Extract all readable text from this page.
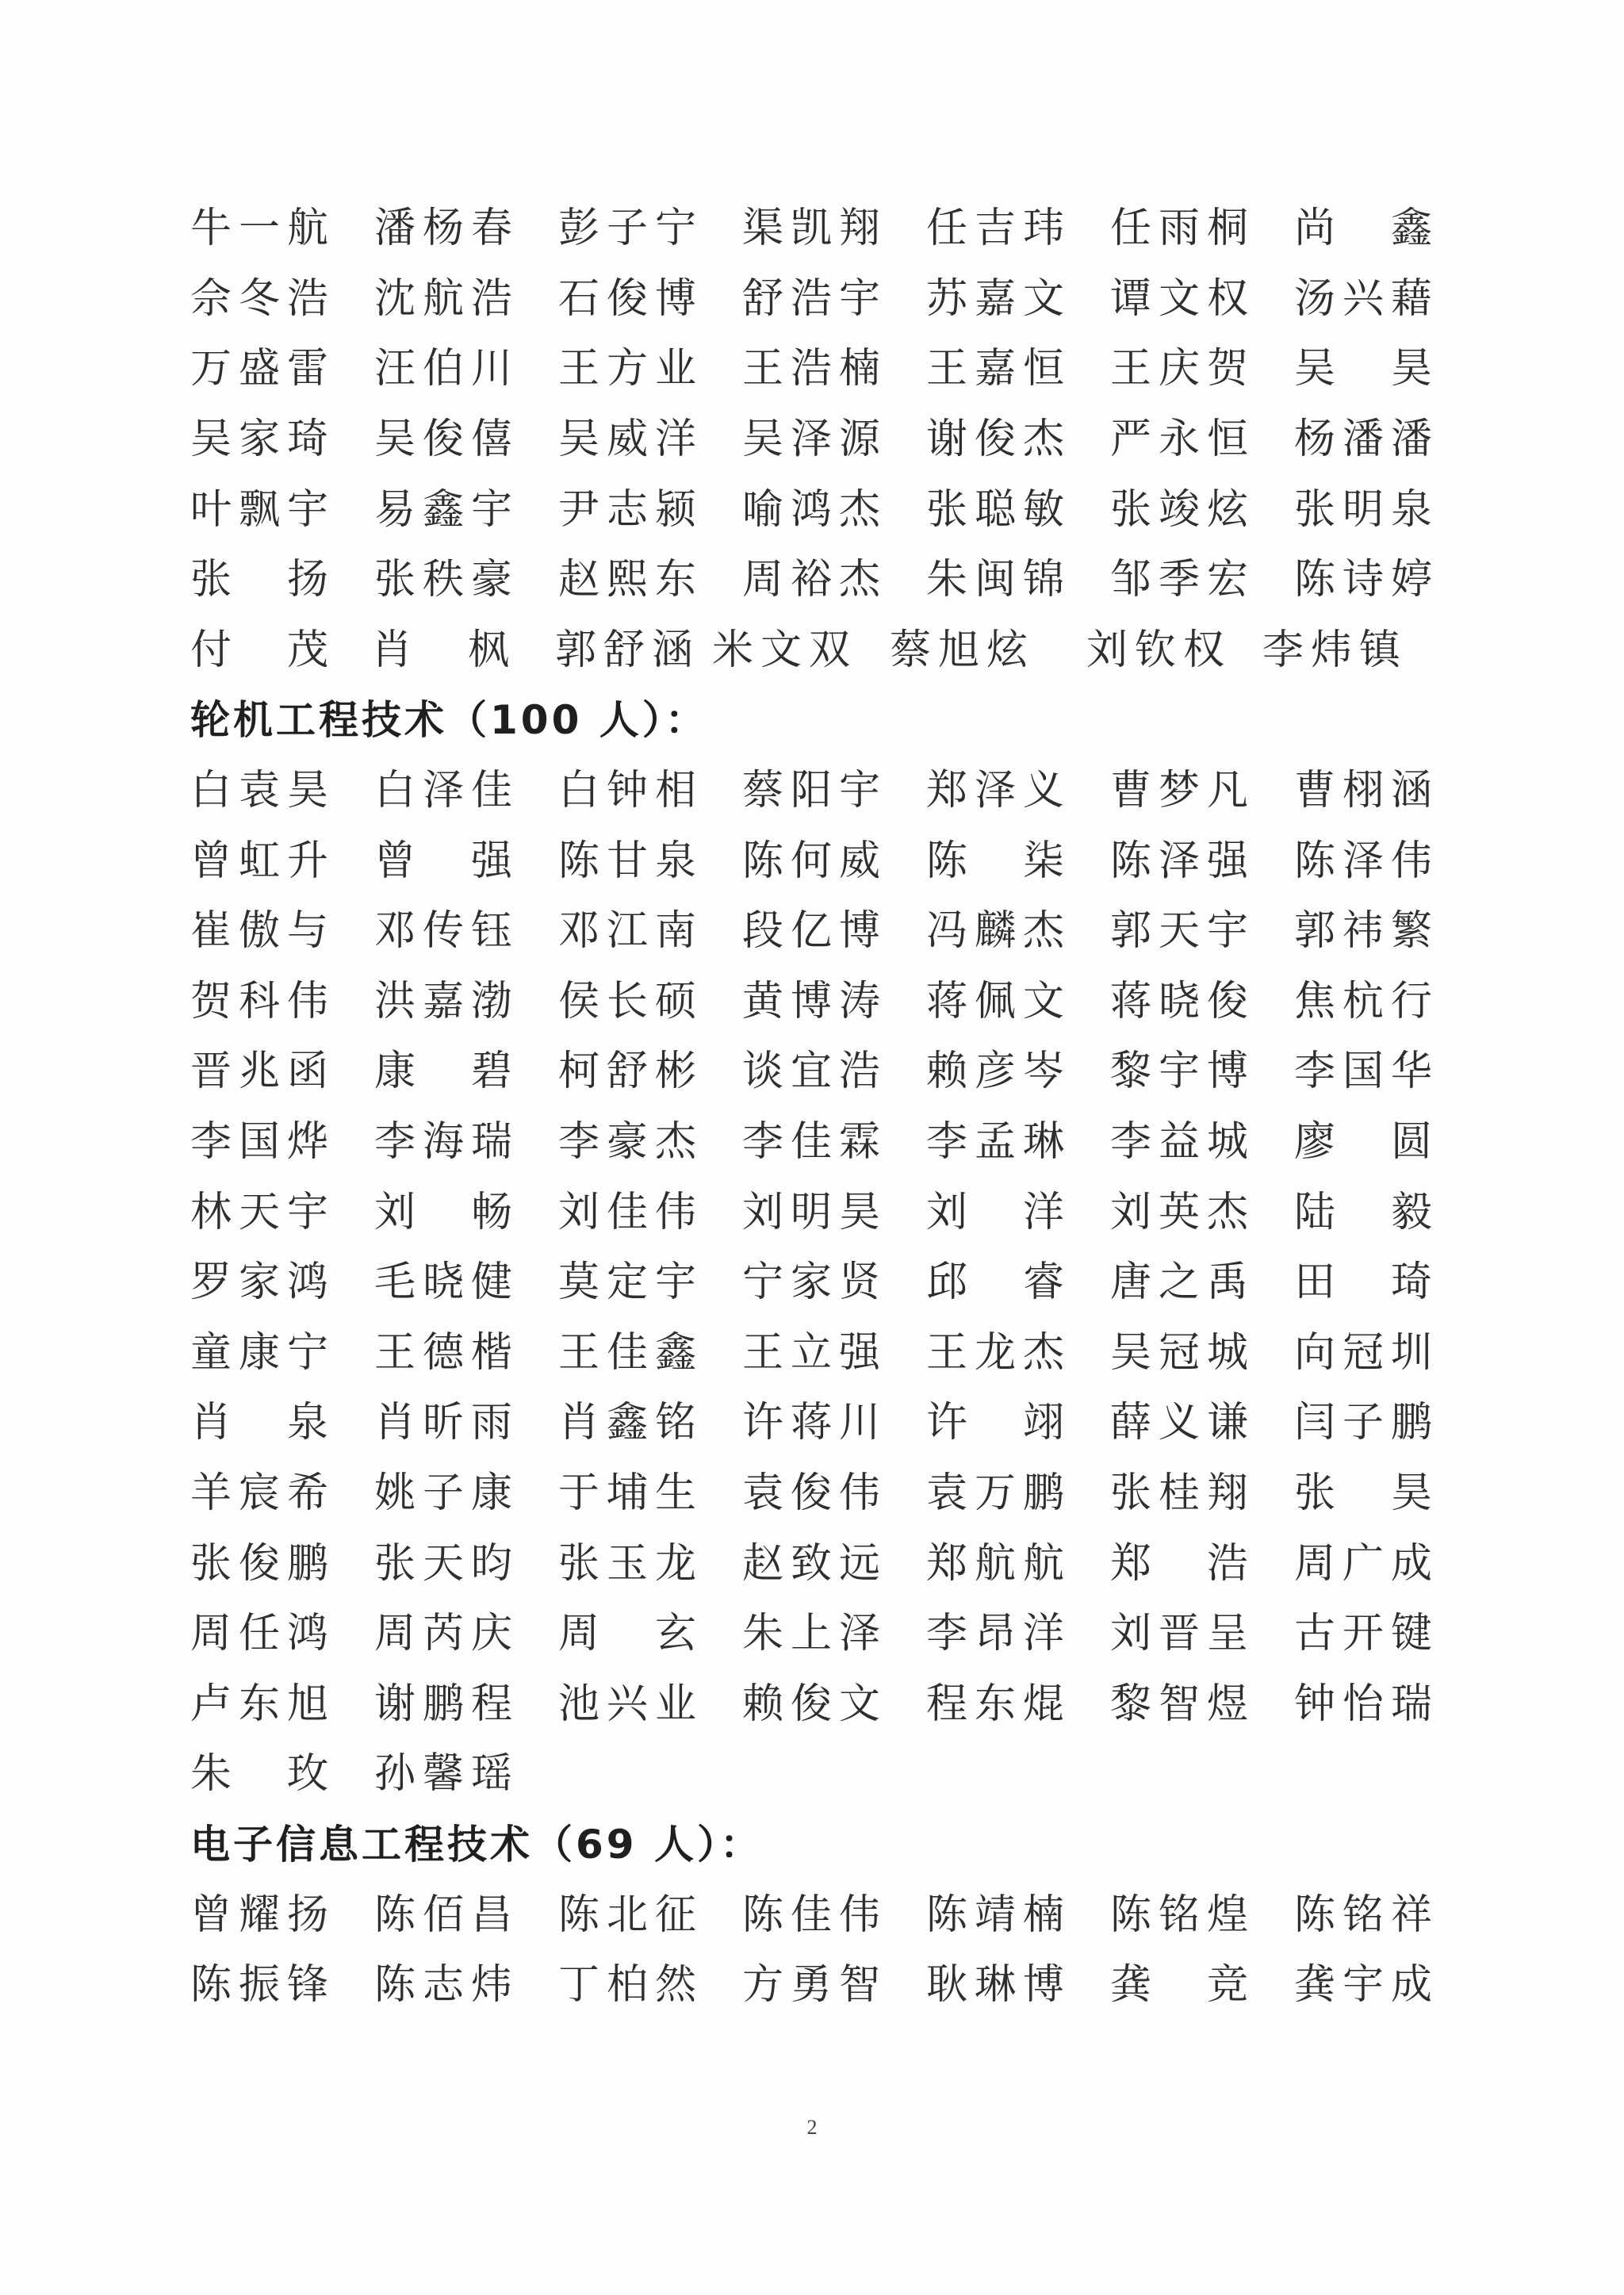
牛一航 潘杨春 彭子宁 渠凯翔 任吉玮 任雨桐 尚　鑫
佘冬浩 沈航浩 石俊博 舒浩宇 苏嘉文 谭文权 汤兴藉
万盛雷 汪伯川 王方业 王浩楠 王嘉恒 王庆贺 吴　昊
吴家琦 吴俊僖 吴威洋 吴泽源 谢俊杰 严永恒 杨潘潘
叶飘宇 易鑫宇 尹志颍 喻鸿杰 张聪敏 张竣炫 张明泉
张　扬 张秩豪 赵熙东 周裕杰 朱闽锦 邹季宏 陈诗婷
付　茂 肖　枫 郭舒涵 米文双 蔡旭炫	刘钦权 李炜镇
轮机工程技术（100 人）：
白袁昊 白泽佳 白钟相 蔡阳宇 郑泽义 曹梦凡 曹栩涵
曾虹升 曾　强 陈甘泉 陈何威 陈　柒 陈泽强 陈泽伟
崔傲与 邓传钰 邓江南 段亿博 冯麟杰 郭天宇 郭祎繁
贺科伟 洪嘉渤 侯长硕 黄博涛 蒋佩文 蒋晓俊 焦杭行
晋兆函 康　碧 柯舒彬 谈宜浩 赖彦岑 黎宇博 李国华
李国烨 李海瑞 李豪杰 李佳霖 李孟琳 李益城 廖　圆
林天宇 刘　畅 刘佳伟 刘明昊 刘　洋 刘英杰 陆　毅
罗家鸿 毛晓健 莫定宇 宁家贤 邱　睿 唐之禹 田　琦
童康宁 王德楷 王佳鑫 王立强 王龙杰 吴冠城 向冠圳
肖　泉 肖昕雨 肖鑫铭 许蒋川 许　翊 薛义谦 闫子鹏
羊宸希 姚子康 于埔生 袁俊伟 袁万鹏 张桂翔 张　昊
张俊鹏 张天昀 张玉龙 赵致远 郑航航 郑　浩 周广成
周任鸿 周芮庆 周　玄 朱上泽 李昂洋 刘晋呈 古开键
卢东旭 谢鹏程 池兴业 赖俊文 程东焜 黎智煜 钟怡瑞
朱　玫 孙馨瑶
电子信息工程技术（69 人）：
曾耀扬 陈佰昌 陈北征 陈佳伟 陈靖楠 陈铭煌 陈铭祥
陈振锋 陈志炜 丁柏然 方勇智 耿琳博 龚　竞 龚宇成
2
